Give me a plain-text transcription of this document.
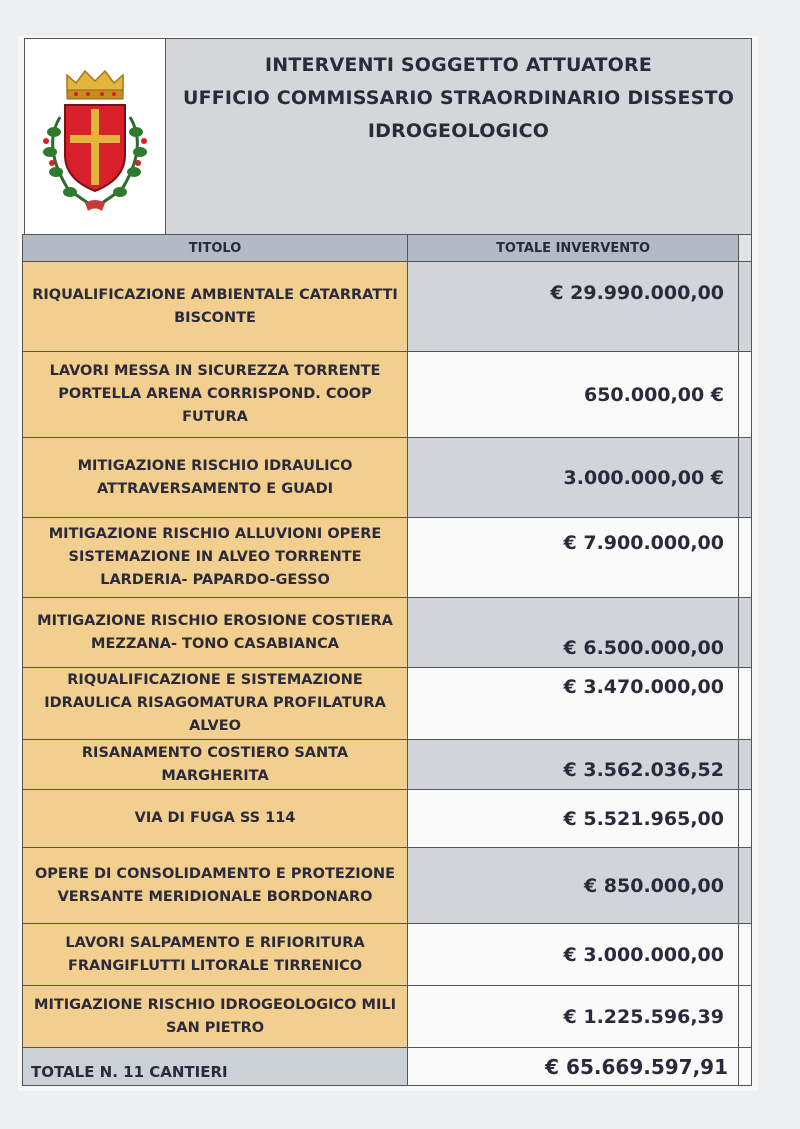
INTERVENTI SOGGETTO ATTUATORE
UFFICIO COMMISSARIO STRAORDINARIO DISSESTO
IDROGEOLOGICO
TITOLO	TOTALE INVERVENTO	
RIQUALIFICAZIONE AMBIENTALE CATARRATTI BISCONTE	€ 29.990.000,00	
LAVORI MESSA IN SICUREZZA TORRENTE PORTELLA ARENA CORRISPOND. COOP FUTURA	650.000,00 €	
MITIGAZIONE RISCHIO IDRAULICO ATTRAVERSAMENTO E GUADI	3.000.000,00 €	
MITIGAZIONE RISCHIO ALLUVIONI OPERE SISTEMAZIONE IN ALVEO TORRENTE LARDERIA- PAPARDO-GESSO	€ 7.900.000,00	
MITIGAZIONE RISCHIO EROSIONE COSTIERA MEZZANA- TONO CASABIANCA	€ 6.500.000,00	
RIQUALIFICAZIONE E SISTEMAZIONE IDRAULICA RISAGOMATURA PROFILATURA ALVEO	€ 3.470.000,00	
RISANAMENTO COSTIERO SANTA MARGHERITA	€ 3.562.036,52	
VIA DI FUGA SS 114	€ 5.521.965,00	
OPERE DI CONSOLIDAMENTO E PROTEZIONE VERSANTE MERIDIONALE BORDONARO	€ 850.000,00	
LAVORI SALPAMENTO E RIFIORITURA FRANGIFLUTTI LITORALE TIRRENICO	€ 3.000.000,00	
MITIGAZIONE RISCHIO IDROGEOLOGICO MILI SAN PIETRO	€ 1.225.596,39	
TOTALE N. 11 CANTIERI	€ 65.669.597,91	
